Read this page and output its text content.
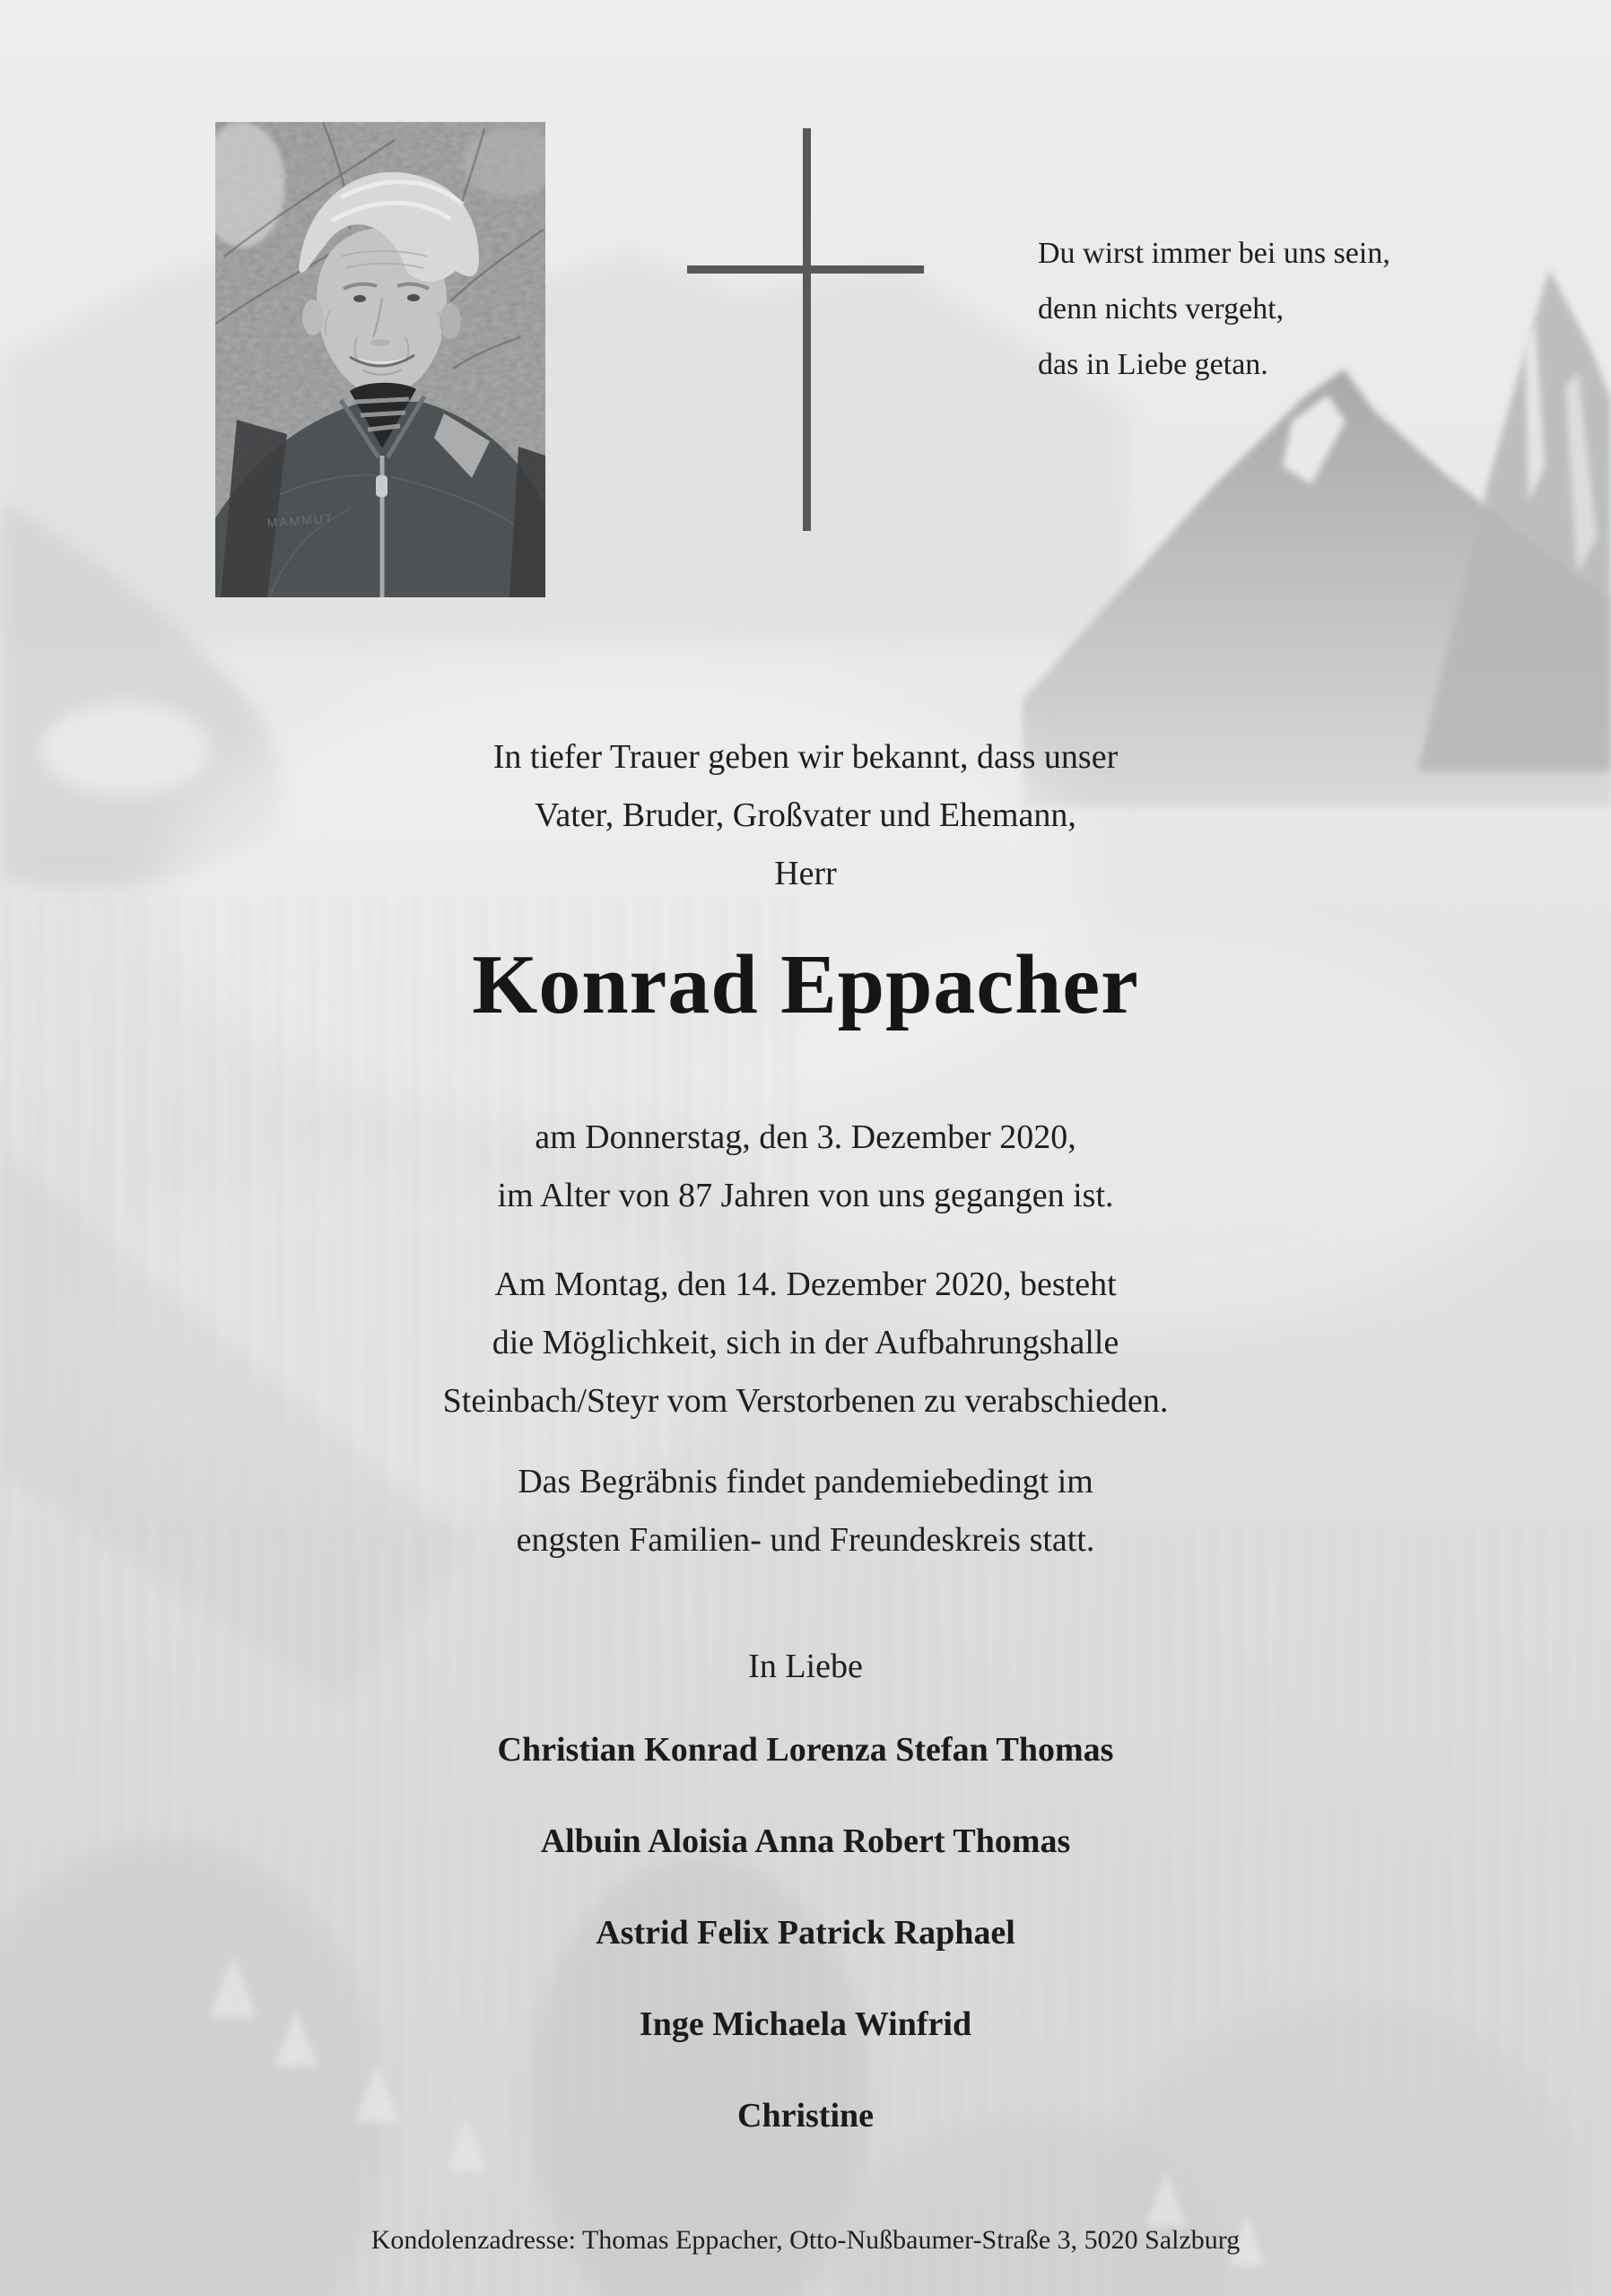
MAMMUT
Du wirst immer bei uns sein,
denn nichts vergeht,
das in Liebe getan.
In tiefer Trauer geben wir bekannt, dass unser
Vater, Bruder, Großvater und Ehemann,
Herr
Konrad Eppacher
am Donnerstag, den 3. Dezember 2020,
im Alter von 87 Jahren von uns gegangen ist.
Am Montag, den 14. Dezember 2020, besteht
die Möglichkeit, sich in der Aufbahrungshalle
Steinbach/Steyr vom Verstorbenen zu verabschieden.
Das Begräbnis findet pandemiebedingt im
engsten Familien- und Freundeskreis statt.
In Liebe
Christian Konrad Lorenza Stefan Thomas
Albuin Aloisia Anna Robert Thomas
Astrid Felix Patrick Raphael
Inge Michaela Winfrid
Christine
Kondolenzadresse: Thomas Eppacher, Otto-Nußbaumer-Straße 3, 5020 Salzburg
